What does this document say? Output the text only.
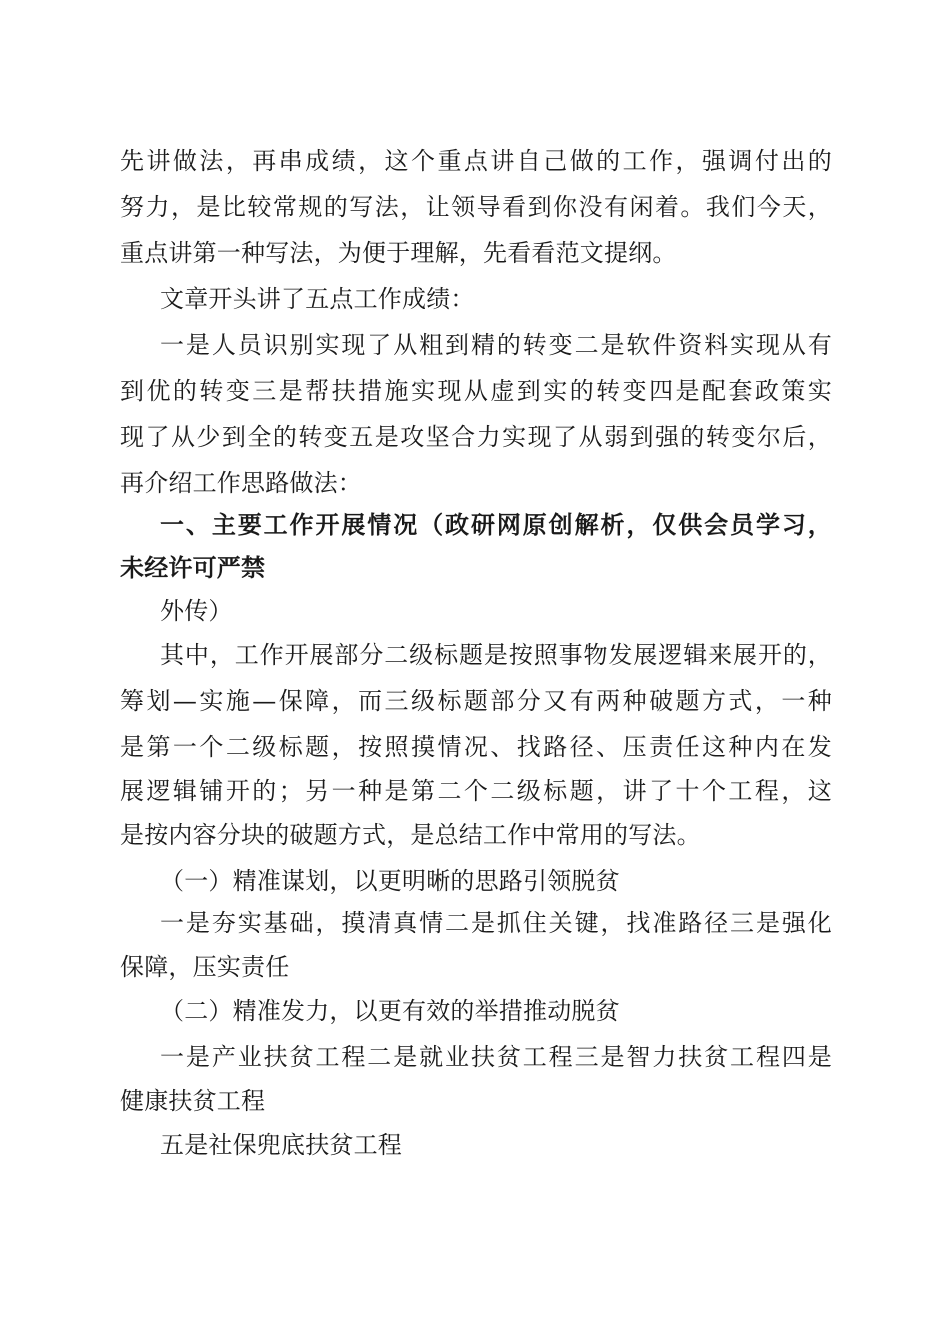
先讲做法，再串成绩，这个重点讲自己做的工作，强调付出的
努力，是比较常规的写法，让领导看到你没有闲着。我们今天，
重点讲第一种写法，为便于理解，先看看范文提纲。
文章开头讲了五点工作成绩：
一是人员识别实现了从粗到精的转变二是软件资料实现从有
到优的转变三是帮扶措施实现从虚到实的转变四是配套政策实
现了从少到全的转变五是攻坚合力实现了从弱到强的转变尔后，
再介绍工作思路做法：
一、主要工作开展情况（政研网原创解析，仅供会员学习，
未经许可严禁
外传）
其中，工作开展部分二级标题是按照事物发展逻辑来展开的，
筹划—实施—保障，而三级标题部分又有两种破题方式，一种
是第一个二级标题，按照摸情况、找路径、压责任这种内在发
展逻辑铺开的；另一种是第二个二级标题，讲了十个工程，这
是按内容分块的破题方式，是总结工作中常用的写法。
（一）精准谋划，以更明晰的思路引领脱贫
一是夯实基础，摸清真情二是抓住关键，找准路径三是强化
保障，压实责任
（二）精准发力，以更有效的举措推动脱贫
一是产业扶贫工程二是就业扶贫工程三是智力扶贫工程四是
健康扶贫工程
五是社保兜底扶贫工程
